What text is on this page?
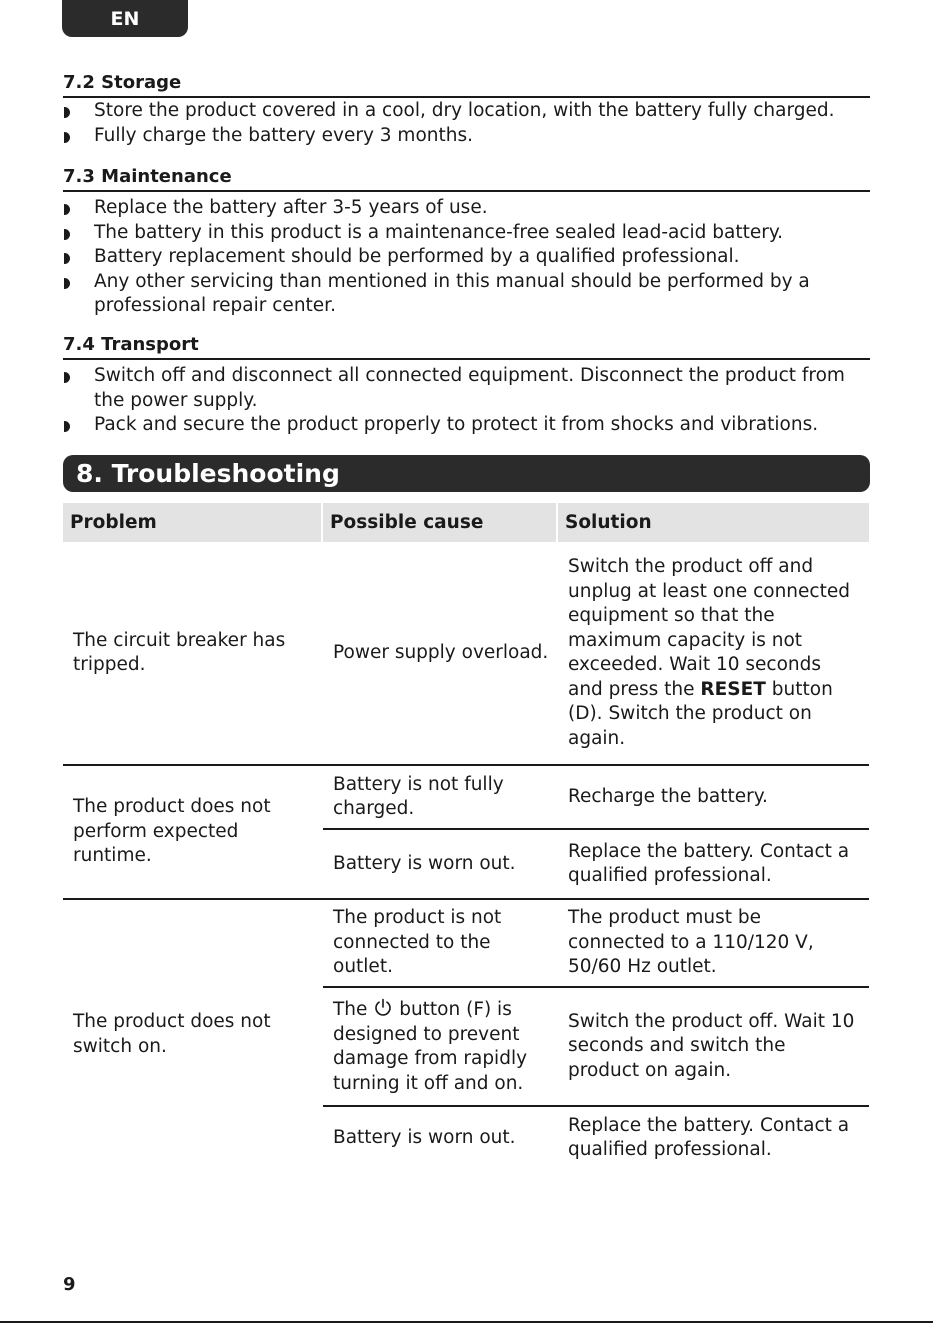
EN
7.2 Storage
Store the product covered in a cool, dry location, with the battery fully charged.
Fully charge the battery every 3 months.
7.3 Maintenance
Replace the battery after 3-5 years of use.
The battery in this product is a maintenance-free sealed lead-acid battery.
Battery replacement should be performed by a qualified professional.
Any other servicing than mentioned in this manual should be performed by a professional repair center.
7.4 Transport
Switch off and disconnect all connected equipment. Disconnect the product from the power supply.
Pack and secure the product properly to protect it from shocks and vibrations.
8. Troubleshooting
Problem	Possible cause	Solution
The circuit breaker has tripped.
Power supply overload.
Switch the product off and unplug at least one connected equipment so that the maximum capacity is not exceeded. Wait 10 seconds and press the RESET button (D). Switch the product on again.
The product does not perform expected runtime.
Battery is not fully charged.
Recharge the battery.
Battery is worn out.
Replace the battery. Contact a qualified professional.
The product does not switch on.
The product is not connected to the outlet.
The product must be connected to a 110/120 V, 50/60 Hz outlet.
The button (F) is designed to prevent damage from rapidly turning it off and on.
Switch the product off. Wait 10 seconds and switch the product on again.
Battery is worn out.
Replace the battery. Contact a qualified professional.
9
